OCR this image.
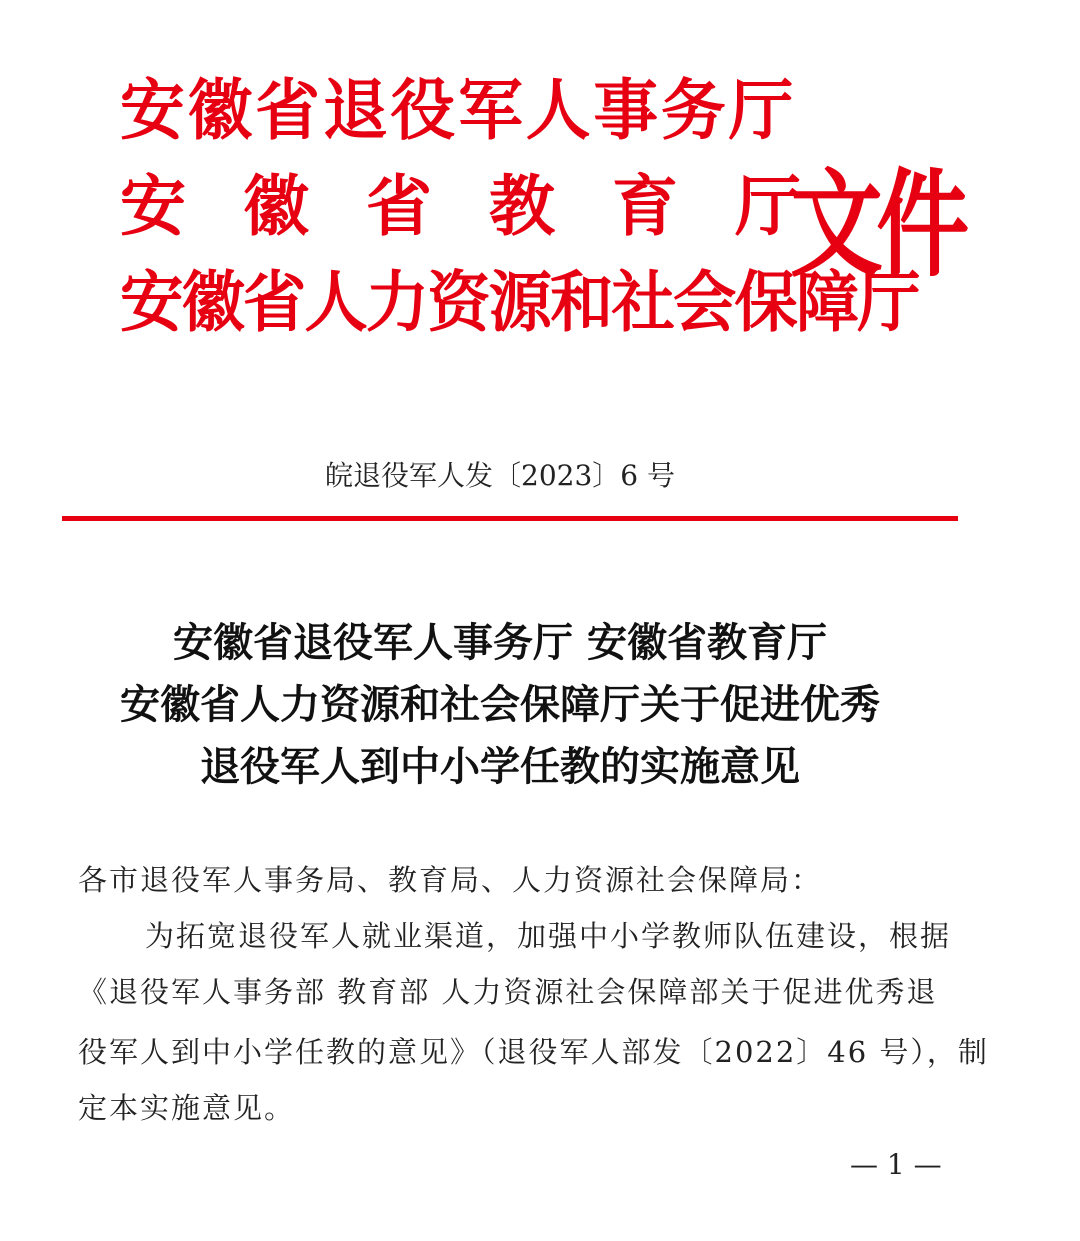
安徽省退役军人事务厅
安徽省教育厅
安徽省人力资源和社会保障厅
文件
皖退役军人发〔2023〕6 号
安徽省退役军人事务厅 安徽省教育厅
安徽省人力资源和社会保障厅关于促进优秀
退役军人到中小学任教的实施意见
各市退役军人事务局、教育局、人力资源社会保障局：
为拓宽退役军人就业渠道，加强中小学教师队伍建设，根据
《退役军人事务部 教育部 人力资源社会保障部关于促进优秀退
役军人到中小学任教的意见》（退役军人部发〔2022〕46 号），制
定本实施意见。
— 1 —
